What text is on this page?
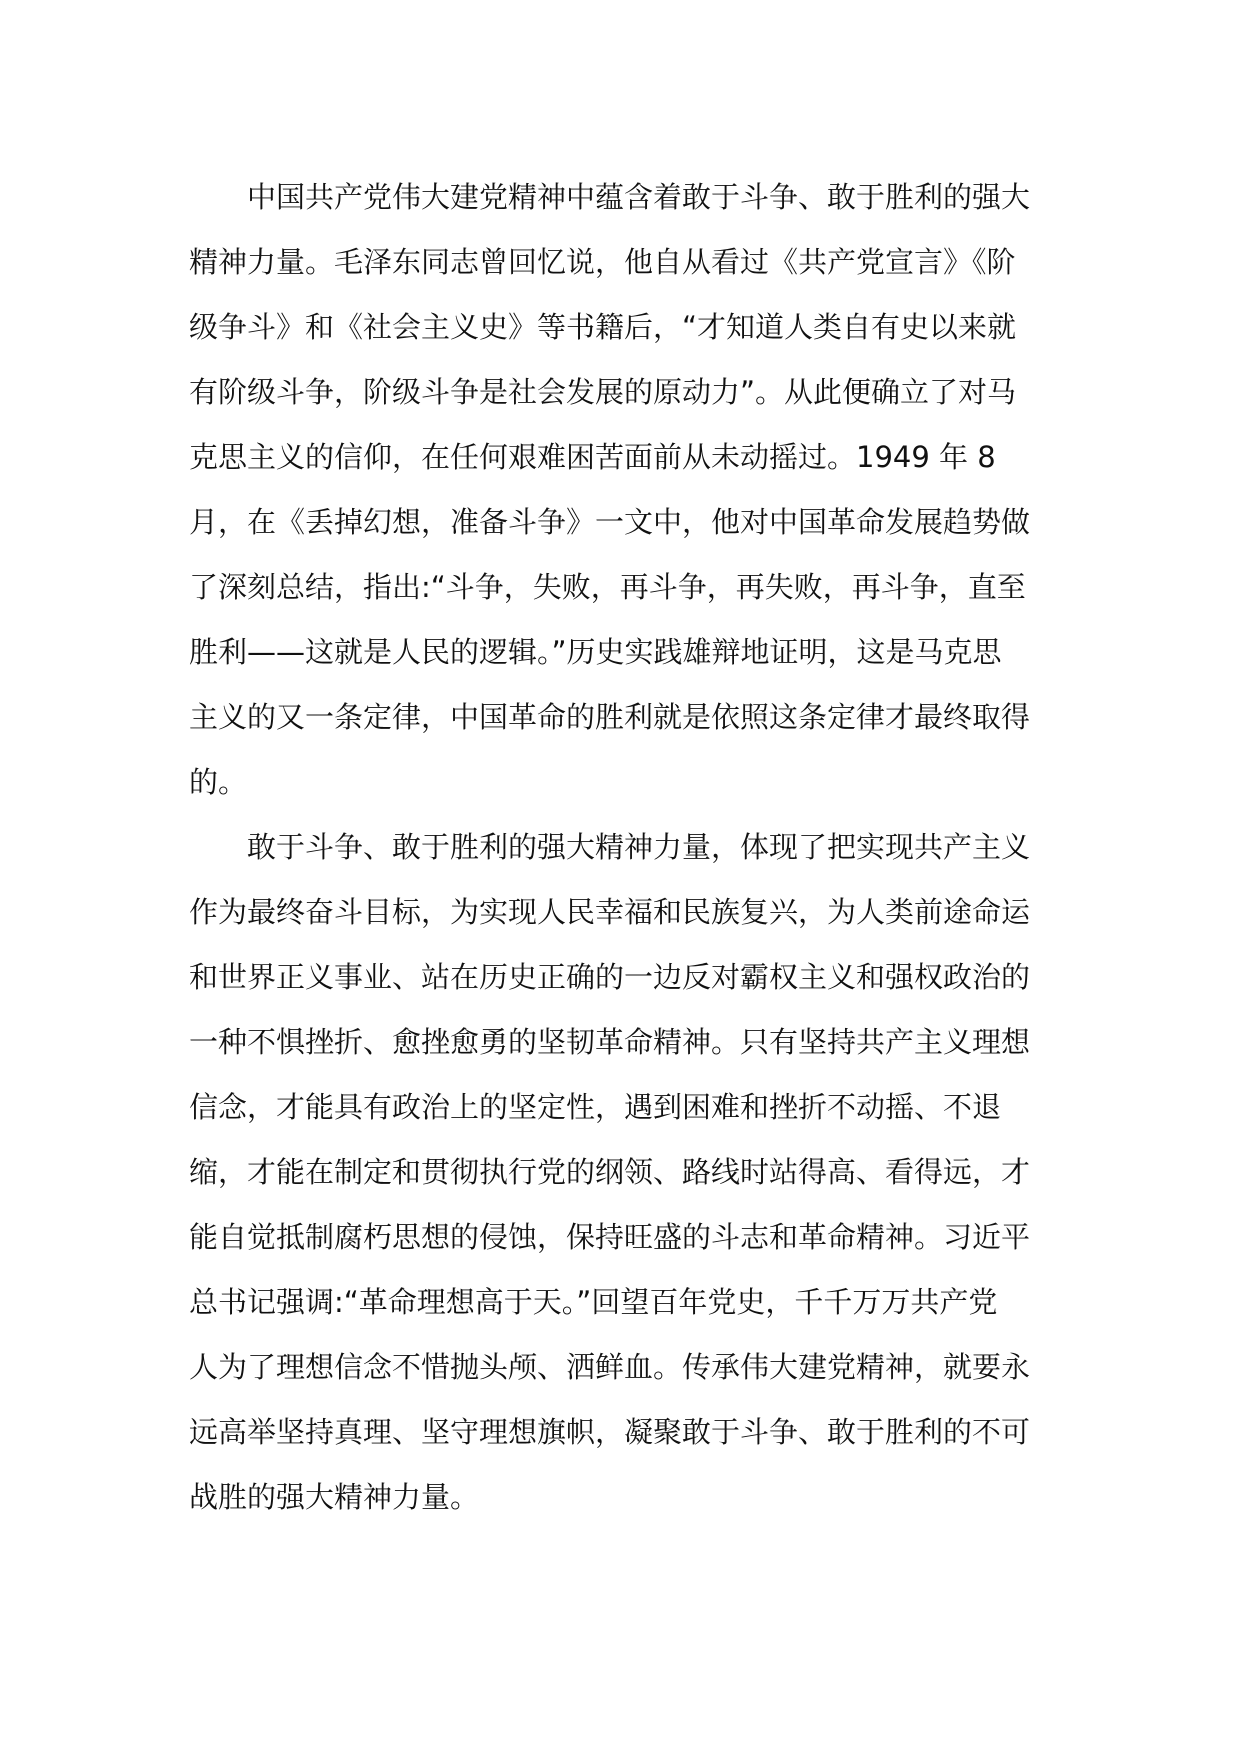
中国共产党伟大建党精神中蕴含着敢于斗争、敢于胜利的强大
精神力量。毛泽东同志曾回忆说，他自从看过《共产党宣言》《阶
级争斗》和《社会主义史》等书籍后，“才知道人类自有史以来就
有阶级斗争，阶级斗争是社会发展的原动力”。从此便确立了对马
克思主义的信仰，在任何艰难困苦面前从未动摇过。1949 年 8
月，在《丢掉幻想，准备斗争》一文中，他对中国革命发展趋势做
了深刻总结，指出:“斗争，失败，再斗争，再失败，再斗争，直至
胜利——这就是人民的逻辑。”历史实践雄辩地证明，这是马克思
主义的又一条定律，中国革命的胜利就是依照这条定律才最终取得
的。
敢于斗争、敢于胜利的强大精神力量，体现了把实现共产主义
作为最终奋斗目标，为实现人民幸福和民族复兴，为人类前途命运
和世界正义事业、站在历史正确的一边反对霸权主义和强权政治的
一种不惧挫折、愈挫愈勇的坚韧革命精神。只有坚持共产主义理想
信念，才能具有政治上的坚定性，遇到困难和挫折不动摇、不退
缩，才能在制定和贯彻执行党的纲领、路线时站得高、看得远，才
能自觉抵制腐朽思想的侵蚀，保持旺盛的斗志和革命精神。习近平
总书记强调:“革命理想高于天。”回望百年党史，千千万万共产党
人为了理想信念不惜抛头颅、洒鲜血。传承伟大建党精神，就要永
远高举坚持真理、坚守理想旗帜，凝聚敢于斗争、敢于胜利的不可
战胜的强大精神力量。
